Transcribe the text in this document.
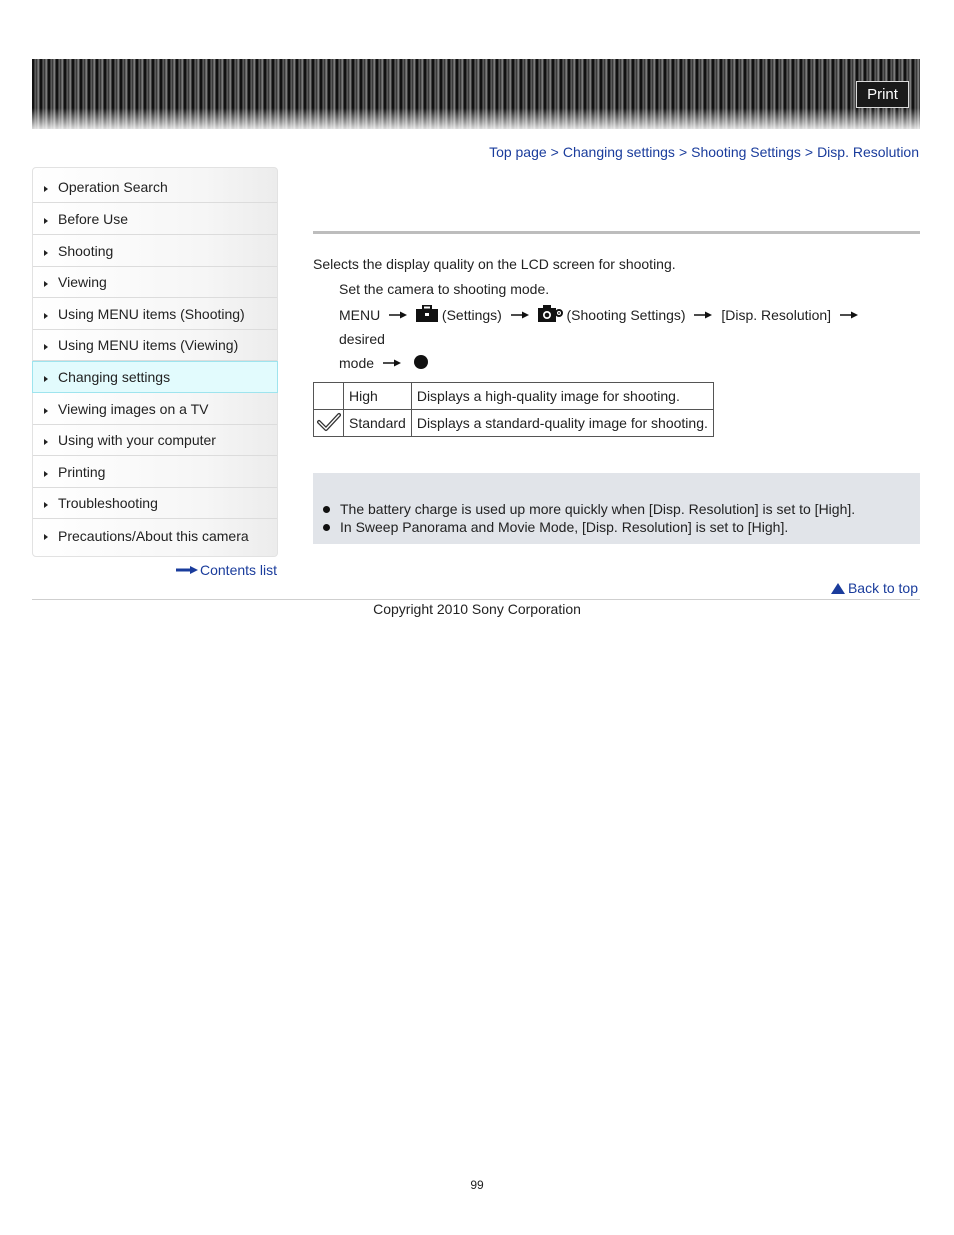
Print
Top page > Changing settings > Shooting Settings > Disp. Resolution
Operation Search
Before Use
Shooting
Viewing
Using MENU items (Shooting)
Using MENU items (Viewing)
Changing settings
Viewing images on a TV
Using with your computer
Printing
Troubleshooting
Precautions/About this camera
Contents list
Selects the display quality on the LCD screen for shooting.
Set the camera to shooting mode.
MENU	(Settings)	(Shooting Settings)	[Disp. Resolution]  desired
mode
	High	Displays a high-quality image for shooting.
	Standard	Displays a standard-quality image for shooting.
The battery charge is used up more quickly when [Disp. Resolution] is set to [High].
In Sweep Panorama and Movie Mode, [Disp. Resolution] is set to [High].
Back to top
Copyright 2010 Sony Corporation
99
